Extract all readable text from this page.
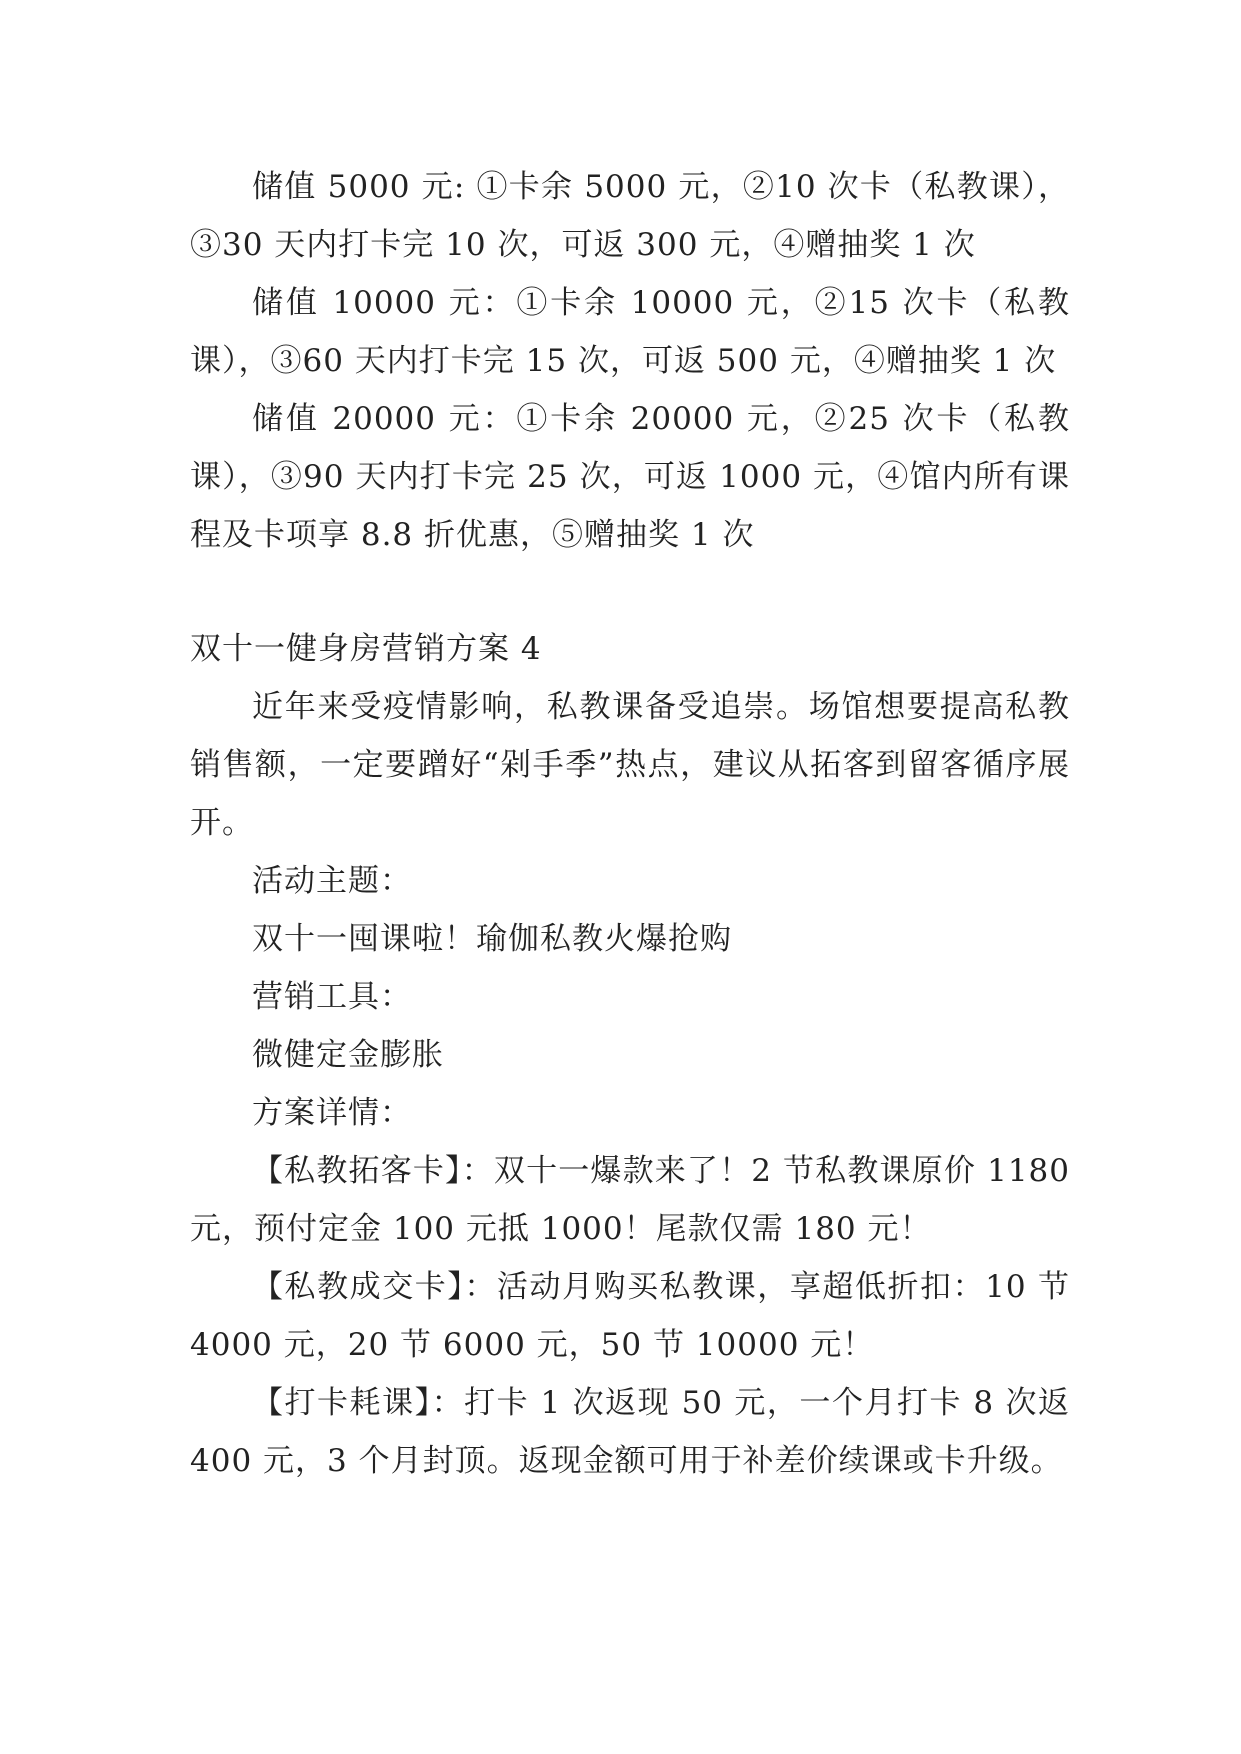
储值 5000 元: ①卡余 5000 元，②10 次卡（私教课），③30 天内打卡完 10 次，可返 300 元，④赠抽奖 1 次

储值 10000 元：①卡余 10000 元，②15 次卡（私教课），③60 天内打卡完 15 次，可返 500 元，④赠抽奖 1 次

储值 20000 元：①卡余 20000 元，②25 次卡（私教课），③90 天内打卡完 25 次，可返 1000 元，④馆内所有课程及卡项享 8.8 折优惠，⑤赠抽奖 1 次

双十一健身房营销方案 4

近年来受疫情影响，私教课备受追崇。场馆想要提高私教销售额，一定要蹭好“剁手季”热点，建议从拓客到留客循序展开。

活动主题：

双十一囤课啦！瑜伽私教火爆抢购

营销工具：

微健定金膨胀

方案详情：

【私教拓客卡】：双十一爆款来了！2 节私教课原价 1180 元，预付定金 100 元抵 1000！尾款仅需 180 元！

【私教成交卡】：活动月购买私教课，享超低折扣：10 节 4000 元，20 节 6000 元，50 节 10000 元！

【打卡耗课】：打卡 1 次返现 50 元，一个月打卡 8 次返 400 元，3 个月封顶。返现金额可用于补差价续课或卡升级。
